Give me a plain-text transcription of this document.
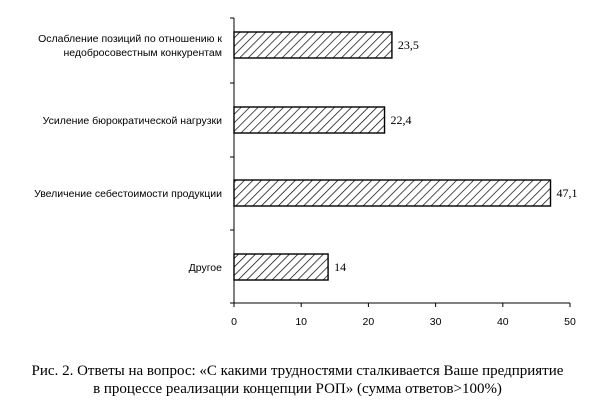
23,5
Ослабление позиций по отношению к недобросовестным конкурентам
22,4
Усиление бюрократической нагрузки
47,1
Увеличение себестоимости продукции
14
Другое
0	10	20	30	40	50
Рис. 2. Ответы на вопрос: «С какими трудностями сталкивается Ваше предприятие
в процессе реализации концепции РОП» (сумма ответов>100%)
